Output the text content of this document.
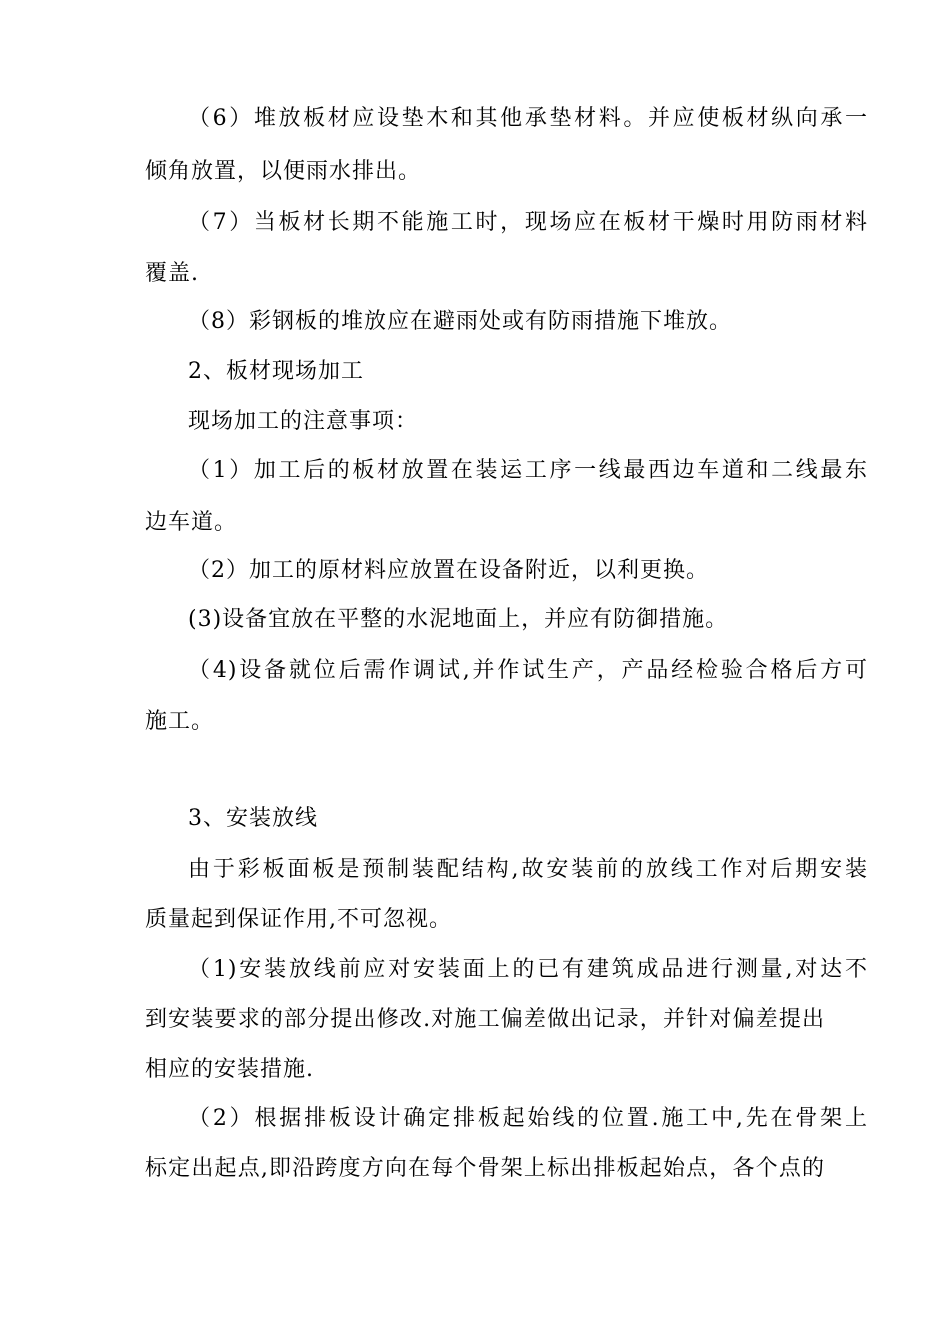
（6）堆放板材应设垫木和其他承垫材料。并应使板材纵向承一
倾角放置，以便雨水排出。
（7）当板材长期不能施工时，现场应在板材干燥时用防雨材料
覆盖.
（8）彩钢板的堆放应在避雨处或有防雨措施下堆放。
2、板材现场加工
现场加工的注意事项：
（1）加工后的板材放置在装运工序一线最西边车道和二线最东
边车道。
（2）加工的原材料应放置在设备附近，以利更换。
(3)设备宜放在平整的水泥地面上，并应有防御措施。
（4)设备就位后需作调试,并作试生产，产品经检验合格后方可
施工。
3、安装放线
由于彩板面板是预制装配结构,故安装前的放线工作对后期安装
质量起到保证作用,不可忽视。
（1)安装放线前应对安装面上的已有建筑成品进行测量,对达不
到安装要求的部分提出修改.对施工偏差做出记录，并针对偏差提出
相应的安装措施.
（2）根据排板设计确定排板起始线的位置.施工中,先在骨架上
标定出起点,即沿跨度方向在每个骨架上标出排板起始点，各个点的
